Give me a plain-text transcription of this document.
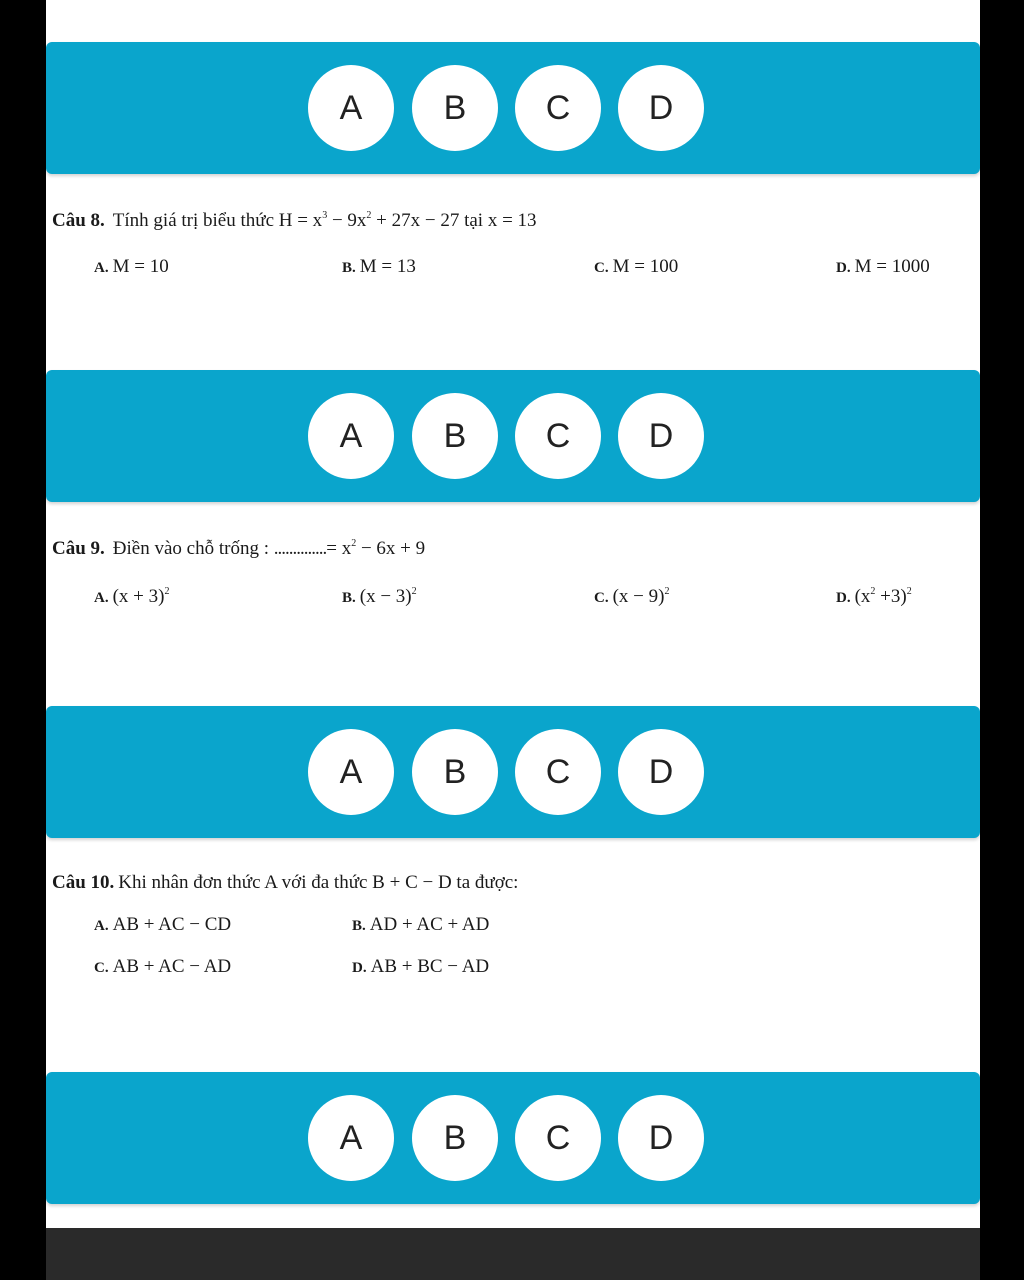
A	B	C	D
Câu 8. Tính giá trị biểu thức $H = x^3 - 9x^2 + 27x - 27$ tại x = 13
A. M = 10	B. M = 13	C. M = 100	D. M = 1000
A	B	C	D
Câu 9. Điền vào chỗ trống : ..............= $x^2 - 6x + 9$
A. $(x + 3)^2$	B. $(x - 3)^2$	C. $(x - 9)^2$	D. $(x^2 +3)^2$
A	B	C	D
Câu 10. Khi nhân đơn thức A với đa thức B + C − D ta được:
A. AB + AC − CD	B. AD + AC + AD
C. AB + AC − AD	D. AB + BC − AD
A	B	C	D
